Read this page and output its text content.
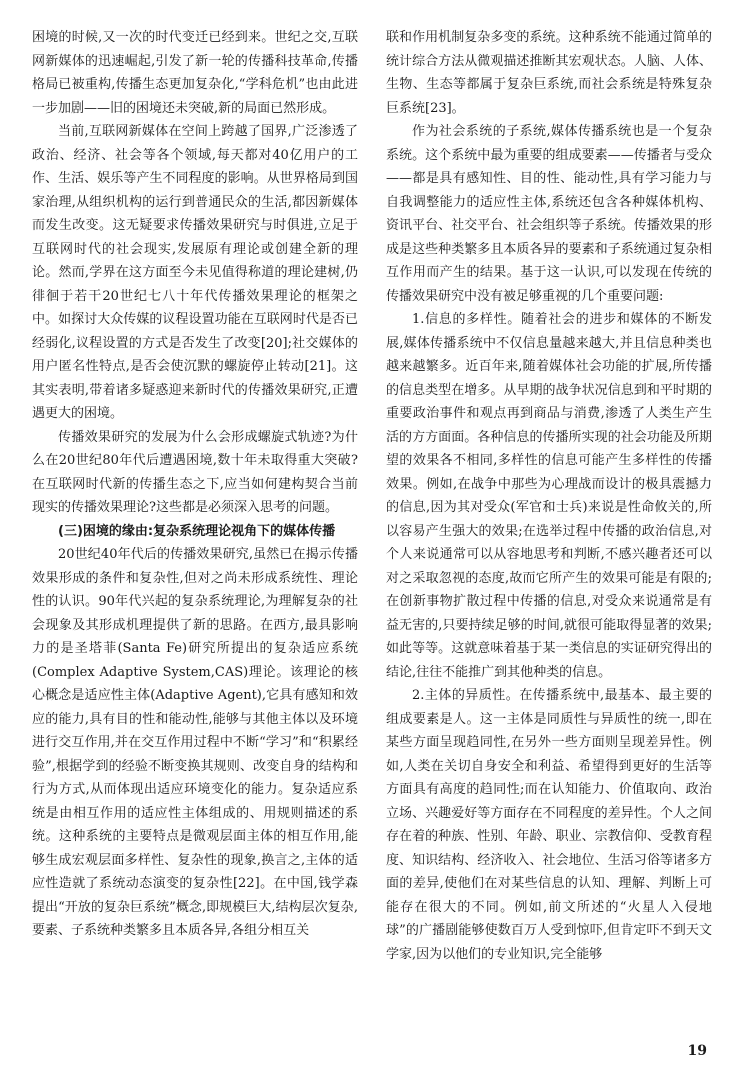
困境的时候,又一次的时代变迁已经到来。世纪之交,互联网新媒体的迅速崛起,引发了新一轮的传播科技革命,传播格局已被重构,传播生态更加复杂化,“学科危机”也由此进一步加剧——旧的困境还未突破,新的局面已然形成。

当前,互联网新媒体在空间上跨越了国界,广泛渗透了政治、经济、社会等各个领域,每天都对40亿用户的工作、生活、娱乐等产生不同程度的影响。从世界格局到国家治理,从组织机构的运行到普通民众的生活,都因新媒体而发生改变。这无疑要求传播效果研究与时俱进,立足于互联网时代的社会现实,发展原有理论或创建全新的理论。然而,学界在这方面至今未见值得称道的理论建树,仍徘徊于若干20世纪七八十年代传播效果理论的框架之中。如探讨大众传媒的议程设置功能在互联网时代是否已经弱化,议程设置的方式是否发生了改变[20];社交媒体的用户匿名性特点,是否会使沉默的螺旋停止转动[21]。这其实表明,带着诸多疑惑迎来新时代的传播效果研究,正遭遇更大的困境。

传播效果研究的发展为什么会形成螺旋式轨迹?为什么在20世纪80年代后遭遇困境,数十年未取得重大突破?在互联网时代新的传播生态之下,应当如何建构契合当前现实的传播效果理论?这些都是必须深入思考的问题。

(三)困境的缘由:复杂系统理论视角下的媒体传播

20世纪40年代后的传播效果研究,虽然已在揭示传播效果形成的条件和复杂性,但对之尚未形成系统性、理论性的认识。90年代兴起的复杂系统理论,为理解复杂的社会现象及其形成机理提供了新的思路。在西方,最具影响力的是圣塔菲(Santa Fe)研究所提出的复杂适应系统(Complex Adaptive System,CAS)理论。该理论的核心概念是适应性主体(Adaptive Agent),它具有感知和效应的能力,具有目的性和能动性,能够与其他主体以及环境进行交互作用,并在交互作用过程中不断“学习”和“积累经验”,根据学到的经验不断变换其规则、改变自身的结构和行为方式,从而体现出适应环境变化的能力。复杂适应系统是由相互作用的适应性主体组成的、用规则描述的系统。这种系统的主要特点是微观层面主体的相互作用,能够生成宏观层面多样性、复杂性的现象,换言之,主体的适应性造就了系统动态演变的复杂性[22]。在中国,钱学森提出“开放的复杂巨系统”概念,即规模巨大,结构层次复杂,要素、子系统种类繁多且本质各异,各组分相互关

联和作用机制复杂多变的系统。这种系统不能通过简单的统计综合方法从微观描述推断其宏观状态。人脑、人体、生物、生态等都属于复杂巨系统,而社会系统是特殊复杂巨系统[23]。

作为社会系统的子系统,媒体传播系统也是一个复杂系统。这个系统中最为重要的组成要素——传播者与受众——都是具有感知性、目的性、能动性,具有学习能力与自我调整能力的适应性主体,系统还包含各种媒体机构、资讯平台、社交平台、社会组织等子系统。传播效果的形成是这些种类繁多且本质各异的要素和子系统通过复杂相互作用而产生的结果。基于这一认识,可以发现在传统的传播效果研究中没有被足够重视的几个重要问题:

1.信息的多样性。随着社会的进步和媒体的不断发展,媒体传播系统中不仅信息量越来越大,并且信息种类也越来越繁多。近百年来,随着媒体社会功能的扩展,所传播的信息类型在增多。从早期的战争状况信息到和平时期的重要政治事件和观点再到商品与消费,渗透了人类生产生活的方方面面。各种信息的传播所实现的社会功能及所期望的效果各不相同,多样性的信息可能产生多样性的传播效果。例如,在战争中那些为心理战而设计的极具震撼力的信息,因为其对受众(军官和士兵)来说是性命攸关的,所以容易产生强大的效果;在选举过程中传播的政治信息,对个人来说通常可以从容地思考和判断,不感兴趣者还可以对之采取忽视的态度,故而它所产生的效果可能是有限的;在创新事物扩散过程中传播的信息,对受众来说通常是有益无害的,只要持续足够的时间,就很可能取得显著的效果;如此等等。这就意味着基于某一类信息的实证研究得出的结论,往往不能推广到其他种类的信息。

2.主体的异质性。在传播系统中,最基本、最主要的组成要素是人。这一主体是同质性与异质性的统一,即在某些方面呈现趋同性,在另外一些方面则呈现差异性。例如,人类在关切自身安全和利益、希望得到更好的生活等方面具有高度的趋同性;而在认知能力、价值取向、政治立场、兴趣爱好等方面存在不同程度的差异性。个人之间存在着的种族、性别、年龄、职业、宗教信仰、受教育程度、知识结构、经济收入、社会地位、生活习俗等诸多方面的差异,使他们在对某些信息的认知、理解、判断上可能存在很大的不同。例如,前文所述的“火星人入侵地球”的广播剧能够使数百万人受到惊吓,但肯定吓不到天文学家,因为以他们的专业知识,完全能够

19
